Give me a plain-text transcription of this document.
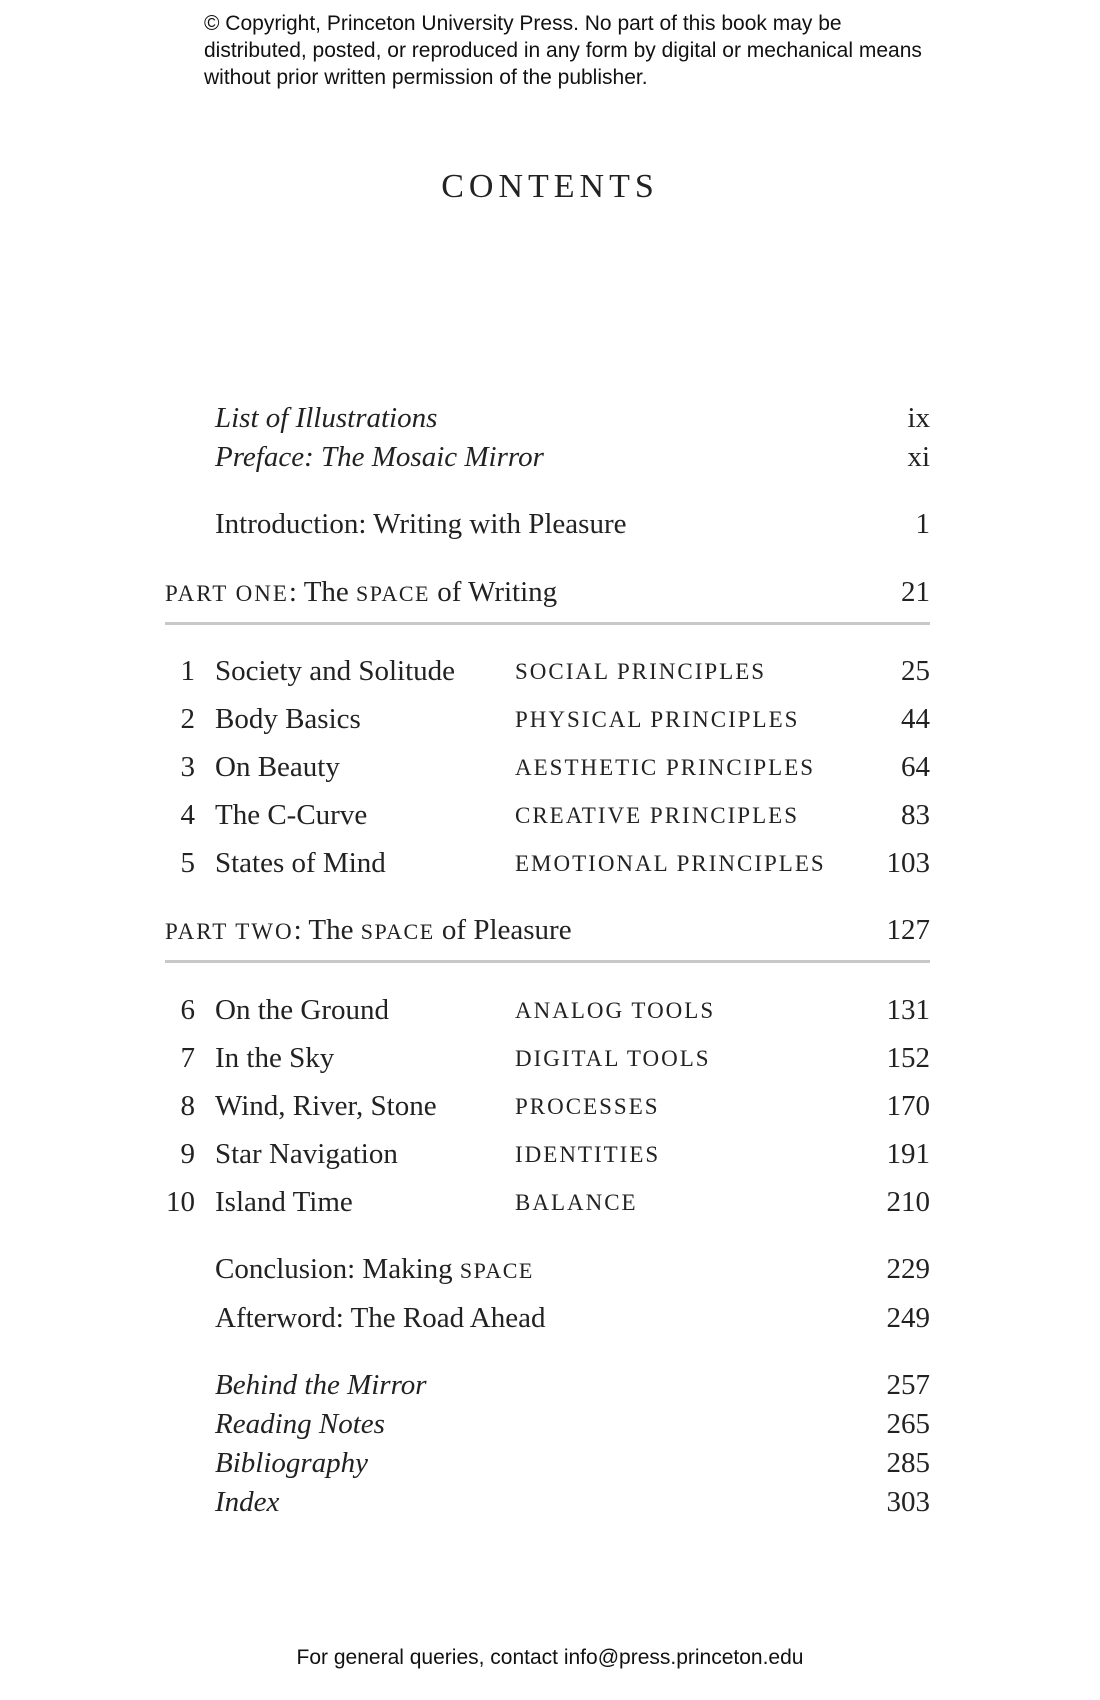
© Copyright, Princeton University Press. No part of this book may be distributed, posted, or reproduced in any form by digital or mechanical means without prior written permission of the publisher.
CONTENTS
List of Illustrations	ix
Preface: The Mosaic Mirror	xi
Introduction: Writing with Pleasure	1
PART ONE: The SPACE of Writing	21
1 Society and Solitude	SOCIAL PRINCIPLES	25
2 Body Basics	PHYSICAL PRINCIPLES	44
3 On Beauty	AESTHETIC PRINCIPLES	64
4 The C-Curve	CREATIVE PRINCIPLES	83
5 States of Mind	EMOTIONAL PRINCIPLES 103
PART TWO: The SPACE of Pleasure	127
6 On the Ground	ANALOG TOOLS	131
7 In the Sky	DIGITAL TOOLS	152
8 Wind, River, Stone	PROCESSES	170
9 Star Navigation	IDENTITIES	191
10 Island Time	BALANCE	210
Conclusion: Making SPACE	229
Afterword: The Road Ahead	249
Behind the Mirror	257
Reading Notes	265
Bibliography	285
Index	303
For general queries, contact info@press.princeton.edu
